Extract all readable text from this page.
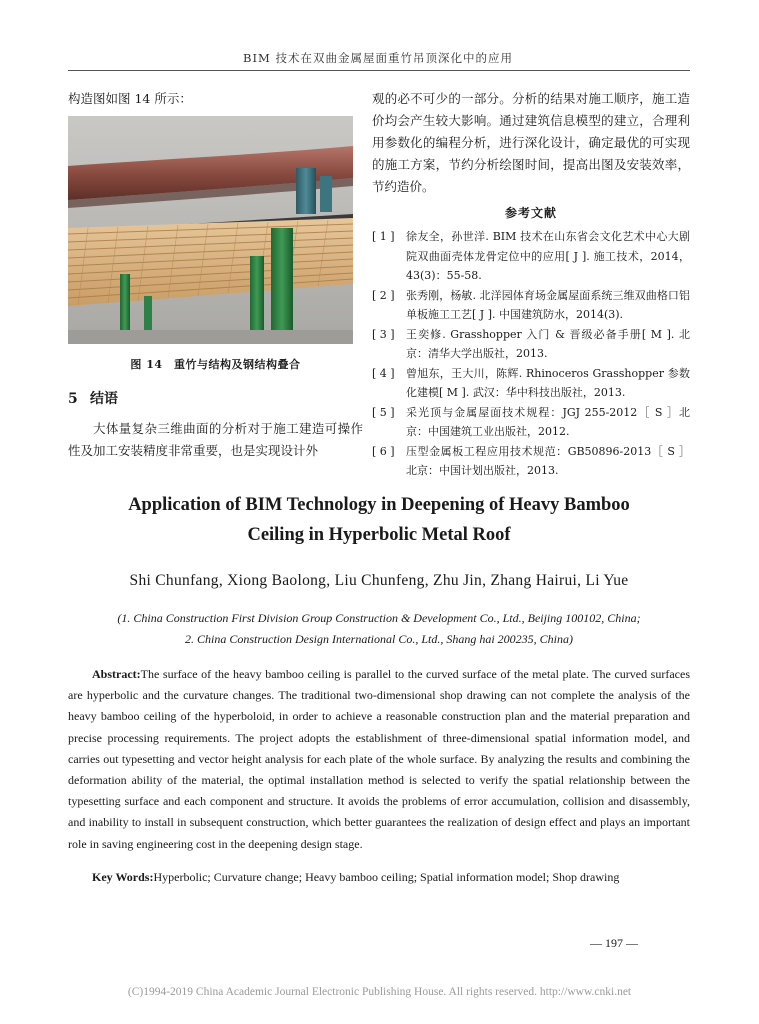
BIM 技术在双曲金属屋面重竹吊顶深化中的应用

构造图如图 14 所示：

图 14　重竹与结构及钢结构叠合
5 结语

大体量复杂三维曲面的分析对于施工建造可操作性及加工安装精度非常重要，也是实现设计外

观的必不可少的一部分。分析的结果对施工顺序，施工造价均会产生较大影响。通过建筑信息模型的建立，合理利用参数化的编程分析，进行深化设计，确定最优的可实现的施工方案，节约分析绘图时间，提高出图及安装效率，节约造价。

参考文献
[ 1 ]	徐友全，孙世洋. BIM 技术在山东省会文化艺术中心大剧院双曲面壳体龙骨定位中的应用[ J ]. 施工技术，2014，43(3)：55-58.
[ 2 ]	张秀刚，杨敏. 北洋园体育场金属屋面系统三维双曲格口铝单板施工工艺[ J ]. 中国建筑防水，2014(3).
[ 3 ]	王奕修. Grasshopper 入门 & 晋级必备手册[ M ]. 北京：清华大学出版社，2013.
[ 4 ]	曾旭东，王大川，陈辉. Rhinoceros Grasshopper 参数化建模[ M ]. 武汉：华中科技出版社，2013.
[ 5 ]	采光顶与金属屋面技术规程：JGJ 255-2012［ S ］北京：中国建筑工业出版社，2012.
[ 6 ]	压型金属板工程应用技术规范：GB50896-2013［ S ］北京：中国计划出版社，2013.

Application of BIM Technology in Deepening of Heavy Bamboo

Ceiling in Hyperbolic Metal Roof

Shi Chunfang, Xiong Baolong, Liu Chunfeng, Zhu Jin, Zhang Hairui, Li Yue
(1. China Construction First Division Group Construction & Development Co., Ltd., Beijing 100102, China;
2. China Construction Design International Co., Ltd., Shang hai 200235, China)

Abstract:The surface of the heavy bamboo ceiling is parallel to the curved surface of the metal plate. The curved surfaces are hyperbolic and the curvature changes. The traditional two-dimensional shop drawing can not complete the analysis of the heavy bamboo ceiling of the hyperboloid, in order to achieve a reasonable construction plan and the material preparation and precise processing requirements. The project adopts the establishment of three-dimensional spatial information model, and carries out typesetting and vector height analysis for each plate of the whole surface. By analyzing the results and combining the deformation ability of the material, the optimal installation method is selected to verify the spatial relationship between the typesetting surface and each component and structure. It avoids the problems of error accumulation, collision and disassembly, and inability to install in subsequent construction, which better guarantees the realization of design effect and plays an important role in saving engineering cost in the deepening design stage.

Key Words:Hyperbolic; Curvature change; Heavy bamboo ceiling; Spatial information model; Shop drawing

— 197 —
(C)1994-2019 China Academic Journal Electronic Publishing House. All rights reserved. http://www.cnki.net
